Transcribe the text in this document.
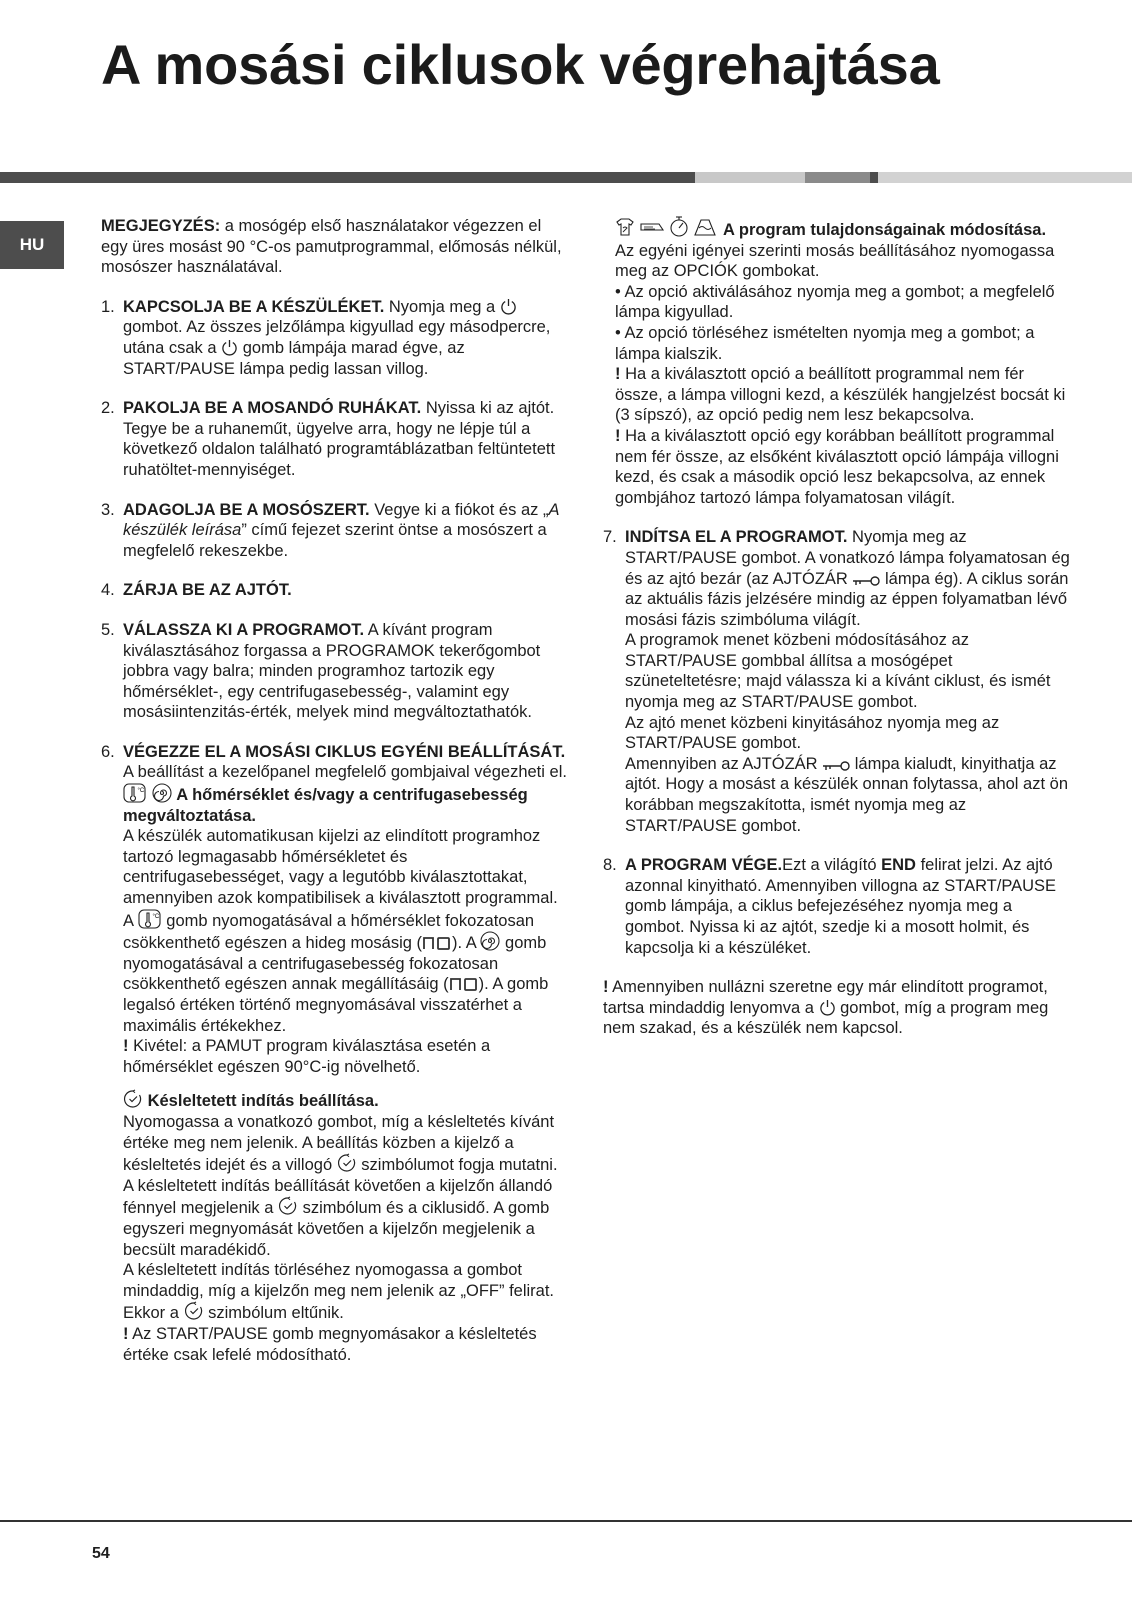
A mosási ciklusok végrehajtása
HU

MEGJEGYZÉS: a mosógép első használatakor végezzen el egy üres mosást 90 °C-os pamutprogrammal, előmosás nélkül, mosószer használatával.

1. KAPCSOLJA BE A KÉSZÜLÉKET. Nyomja meg a
gombot. Az összes jelzőlámpa kigyullad egy másodpercre, utána csak a
gomb lámpája marad égve, az START/PAUSE lámpa pedig lassan villog.

2. PAKOLJA BE A MOSANDÓ RUHÁKAT. Nyissa ki az ajtót. Tegye be a ruhaneműt, ügyelve arra, hogy ne lépje túl a következő oldalon található programtáblázatban feltüntetett ruhatöltet-mennyiséget.

3. ADAGOLJA BE A MOSÓSZERT. Vegye ki a fiókot és az „A készülék leírása” című fejezet szerint öntse a mosószert a megfelelő rekeszekbe.

4. ZÁRJA BE AZ AJTÓT.

5. VÁLASSZA KI A PROGRAMOT. A kívánt program kiválasztásához forgassa a PROGRAMOK tekerőgombot jobbra vagy balra; minden programhoz tartozik egy hőmérséklet-, egy centrifugasebesség-, valamint egy mosásiintenzitás-érték, melyek mind megváltoztathatók.

6. VÉGEZZE EL A MOSÁSI CIKLUS EGYÉNI BEÁLLÍTÁSÁT. A beállítást a kezelőpanel megfelelő gombjaival végezheti el.

°C
A hőmérséklet és/vagy a centrifugasebesség megváltoztatása.

A készülék automatikusan kijelzi az elindított programhoz tartozó legmagasabb hőmérsékletet és centrifugasebességet, vagy a legutóbb kiválasztottakat, amennyiben azok kompatibilisek a kiválasztott programmal. A °C gomb nyomogatásával a hőmérséklet fokozatosan csökkenthető egészen a hideg mosásig ( ). A
gomb nyomogatásával a centrifugasebesség fokozatosan csökkenthető egészen annak megállításáig ( ). A gomb legalsó értéken történő megnyomásával visszatérhet a maximális értékekhez.

! Kivétel: a PAMUT program kiválasztása esetén a hőmérséklet egészen 90°C-ig növelhető.

Késleltetett indítás beállítása.

Nyomogassa a vonatkozó gombot, míg a késleltetés kívánt értéke meg nem jelenik. A beállítás közben a kijelző a késleltetés idejét és a villogó
szimbólumot fogja mutatni.

A késleltetett indítás beállítását követően a kijelzőn állandó fénnyel megjelenik a
szimbólum és a ciklusidő. A gomb egyszeri megnyomását követően a kijelzőn megjelenik a becsült maradékidő.

A késleltetett indítás törléséhez nyomogassa a gombot mindaddig, míg a kijelzőn meg nem jelenik az „OFF” felirat. Ekkor a
szimbólum eltűnik.

! Az START/PAUSE gomb megnyomásakor a késleltetés értéke csak lefelé módosítható.

A program tulajdonságainak módosítása.

Az egyéni igényei szerinti mosás beállításához nyomogassa meg az OPCIÓK gombokat.

• Az opció aktiválásához nyomja meg a gombot; a megfelelő lámpa kigyullad.

• Az opció törléséhez ismételten nyomja meg a gombot; a lámpa kialszik.

! Ha a kiválasztott opció a beállított programmal nem fér össze, a lámpa villogni kezd, a készülék hangjelzést bocsát ki (3 sípszó), az opció pedig nem lesz bekapcsolva.

! Ha a kiválasztott opció egy korábban beállított programmal nem fér össze, az elsőként kiválasztott opció lámpája villogni kezd, és csak a második opció lesz bekapcsolva, az ennek gombjához tartozó lámpa folyamatosan világít.

7. INDÍTSA EL A PROGRAMOT. Nyomja meg az START/PAUSE gombot. A vonatkozó lámpa folyamatosan ég és az ajtó bezár (az AJTÓZÁR
lámpa ég). A ciklus során az aktuális fázis jelzésére mindig az éppen folyamatban lévő mosási fázis szimbóluma világít.

A programok menet közbeni módosításához az START/PAUSE gombbal állítsa a mosógépet szüneteltetésre; majd válassza ki a kívánt ciklust, és ismét nyomja meg az START/PAUSE gombot.

Az ajtó menet közbeni kinyitásához nyomja meg az START/PAUSE gombot.

Amennyiben az AJTÓZÁR
lámpa kialudt, kinyithatja az ajtót. Hogy a mosást a készülék onnan folytassa, ahol azt ön korábban megszakította, ismét nyomja meg az START/PAUSE gombot.

8. A PROGRAM VÉGE.Ezt a világító END felirat jelzi. Az ajtó azonnal kinyitható. Amennyiben villogna az START/PAUSE gomb lámpája, a ciklus befejezéséhez nyomja meg a gombot. Nyissa ki az ajtót, szedje ki a mosott holmit, és kapcsolja ki a készüléket.

! Amennyiben nullázni szeretne egy már elindított programot, tartsa mindaddig lenyomva a
gombot, míg a program meg nem szakad, és a készülék nem kapcsol.

54
